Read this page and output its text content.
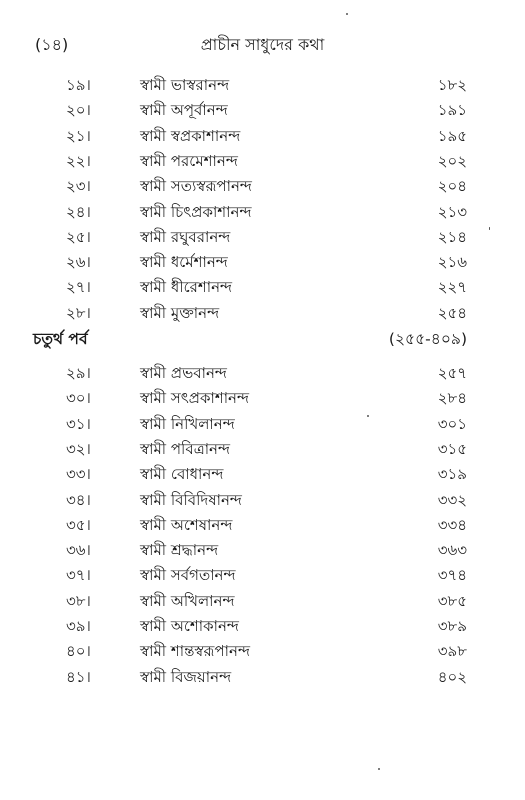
(১৪)	প্রাচীন সাধুদের কথা
১৯।	স্বামী ভাস্বরানন্দ	১৮২
২০।	স্বামী অপূর্বানন্দ	১৯১
২১।	স্বামী স্বপ্রকাশানন্দ	১৯৫
২২।	স্বামী পরমেশানন্দ	২০২
২৩।	স্বামী সত্যস্বরূপানন্দ	২০৪
২৪।	স্বামী চিৎপ্রকাশানন্দ	২১৩
২৫।	স্বামী রঘুবরানন্দ	২১৪
২৬।	স্বামী ধর্মেশানন্দ	২১৬
২৭।	স্বামী ধীরেশানন্দ	২২৭
২৮।	স্বামী মুক্তানন্দ	২৫৪
চতুর্থ পর্ব	(২৫৫-৪০৯)
২৯।	স্বামী প্রভবানন্দ	২৫৭
৩০।	স্বামী সৎপ্রকাশানন্দ	২৮৪
৩১।	স্বামী নিখিলানন্দ	৩০১
৩২।	স্বামী পবিত্রানন্দ	৩১৫
৩৩।	স্বামী বোধানন্দ	৩১৯
৩৪।	স্বামী বিবিদিষানন্দ	৩৩২
৩৫।	স্বামী অশেষানন্দ	৩৩৪
৩৬।	স্বামী শ্রদ্ধানন্দ	৩৬৩
৩৭।	স্বামী সর্বগতানন্দ	৩৭৪
৩৮।	স্বামী অখিলানন্দ	৩৮৫
৩৯।	স্বামী অশোকানন্দ	৩৮৯
৪০।	স্বামী শান্তস্বরূপানন্দ	৩৯৮
৪১।	স্বামী বিজয়ানন্দ	৪০২
